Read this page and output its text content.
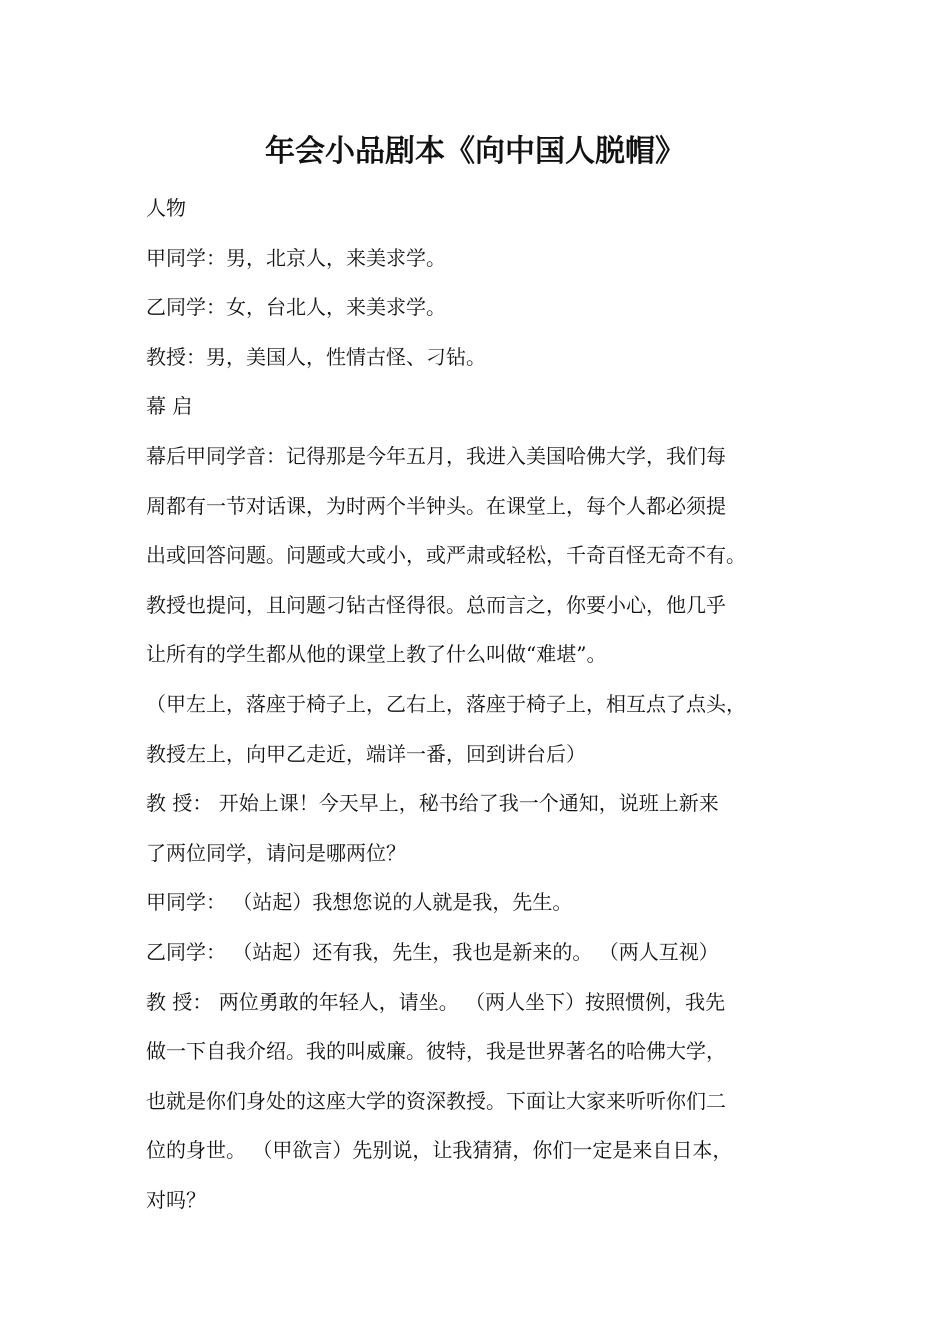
年会小品剧本《向中国人脱帽》

人物

甲同学：男，北京人，来美求学。

乙同学：女，台北人，来美求学。

教授：男，美国人，性情古怪、刁钻。

幕 启

幕后甲同学音：记得那是今年五月，我进入美国哈佛大学，我们每

周都有一节对话课，为时两个半钟头。在课堂上，每个人都必须提

出或回答问题。问题或大或小，或严肃或轻松，千奇百怪无奇不有。

教授也提问，且问题刁钻古怪得很。总而言之，你要小心，他几乎

让所有的学生都从他的课堂上教了什么叫做“难堪”。

（甲左上，落座于椅子上，乙右上，落座于椅子上，相互点了点头，

教授左上，向甲乙走近，端详一番，回到讲台后）

教 授： 开始上课！今天早上，秘书给了我一个通知，说班上新来

了两位同学，请问是哪两位？

甲同学： （站起）我想您说的人就是我，先生。

乙同学： （站起）还有我，先生，我也是新来的。 （两人互视）

教 授： 两位勇敢的年轻人，请坐。 （两人坐下）按照惯例，我先

做一下自我介绍。我的叫威廉。彼特，我是世界著名的哈佛大学，

也就是你们身处的这座大学的资深教授。下面让大家来听听你们二

位的身世。 （甲欲言）先别说，让我猜猜，你们一定是来自日本，

对吗？
